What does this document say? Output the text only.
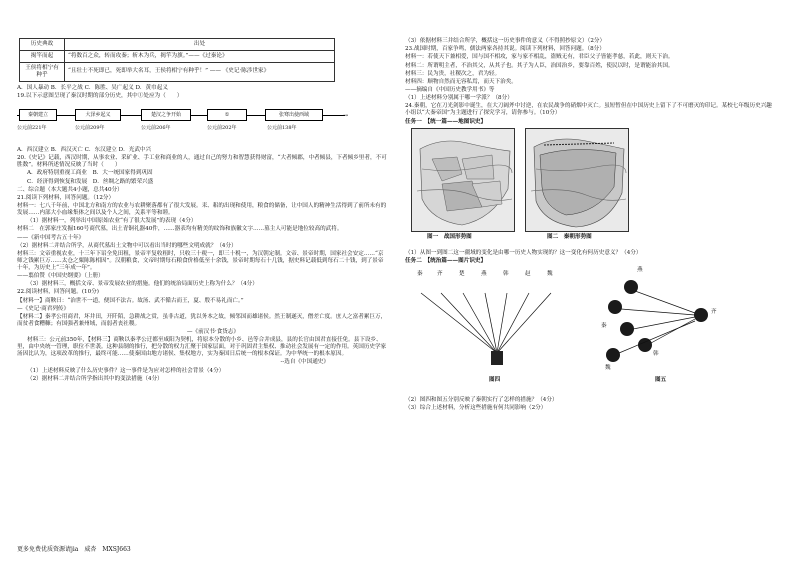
历史典故	出处
揭竿而起	“将数百之众，转而攻秦；斩木为兵，揭竿为旗。”——《过秦论》
王侯将相宁有种乎	“且壮士不死即已，死即举大名耳，王侯将相宁有种乎！” —— 《史记·陈涉世家》

A．国人暴动 B．长平之战 C．陈胜、吴广起义 D．黄巾起义

19.以下示意图呈现了秦汉时期的部分历史，其中①处应为（　　）

→
秦朝建立	大泽乡起义	楚汉之争开始	①	张骞出使西域
公元前221年	公元前209年	公元前206年	公元前202年	公元前138年

A．西汉建立 B．西汉灭亡 C．东汉建立 D．光武中兴

20.《史记》记载，西汉时期，从事农业、采矿业、手工业和商业的人，通过自己的努力和智慧获得财富，“大者倾郡，中者倾县，下者倾乡里者，不可胜数”。材料所述情况反映了当时（　　）

A．政府特别重视工商业　B．大一统国家得到巩固

C．经济得到恢复和发展　D．丝绸之路的繁荣兴盛

二、综合题（本大题共4小题，总共40分）

21.阅读下列材料，回答问题。（12分）

材料一：七八千年前，中国北方和南方的农业与农耕聚落都有了很大发展。耒、耜的出现和使用，粮食的储备，让中国人的精神生活得到了前所未有的发展……内部大小血缘集体之间以及个人之间，关系平等和睦。

（1）据材料一，列举出中国原始农业“有了很大发展”的表现（4分）

材料二　在郭家庄发掘160号商代墓，出土青铜礼器40件，……器表均有精美的纹饰和族徽文字……墓主人可能是地位较高的武将。

——《新中国考古五十年》

（2）据材料二并结合所学，从商代墓出土文物中可以看出当时的哪些文明成就？（4分）

材料三：文帝重视农业，十三年下诏全免田租，景帝平复收租时，只收三十税一，即三十税一，为汉朝定制。文帝、景帝时期，国家社会安定……“京师之钱累巨万……太仓之粟陈陈相因”。汉朝粮食，文帝时期每石粮食价格低至十余钱，景帝时期每石十几钱，据史料记载低到每石二十钱，到了景帝十年，为历史上“三年成一年”。

——翦伯赞《中国史纲要》（上册）

（3）据材料三，概括文帝、景帝发展农业的措施。他们的统治局面历史上称为什么？（4分）

22.阅读材料，回答问题。(10分)

【材料一】商鞅曰：“治世不一道，便国不法古。故汤、武不循古而王，夏、殷不易礼而亡。”

—《史记·商君列传》

【材料二】秦孝公用商君，坏井田，开阡陌，急耕战之赏，虽非古道，犹以务本之故，倾邻国而雄诸侯。然王制遂灭，僭差亡度。庶人之富者累巨万，而贫者食糟糠；有国强者兼州域，而弱者丧社稷。

—《前汉书·食货志》

材料三：公元前350年，【材料三】商鞅以秦孝公迁都至咸阳为契机，将原本分散的小乡、邑等合并成县，县的长官由国君直接任免。县下设乡、里，由中央统一管理，职位不世袭。这种县制的推行，把分散的权力汇聚于国家层面，对于巩固君主集权、推动社会发展有一定的作用。英国历史学家汤因比认为，这项改革的推行，最终可能……使秦国由地方诸侯、集权地方，实为秦国日后统一的根本保证。为中华统一的根本原因。

--选自《中国通史》

（1）上述材料反映了什么历史事件？这一事件是为应对怎样的社会背景（4分）

（2）据材料二并结合所学指出其中的变法措施（4分）

（3）依据材料三并结合所学，概括这一历史事件的意义（不得照抄原文）（2分）

23.战国时期，百家争鸣，儒法两家各持其说。阅读下列材料，回答问题。（8分）

材料一：若使天下兼相爱，国与国不相攻，家与家不相乱，盗贼无有，君臣父子皆能孝慈，若此，则天下治。

材料二：所谓明主者，不治其父，从其子也。其子为人臣，治国治乡，要靠百姓，使民以时，是谓能治其国。

材料三：民为贵，社稷次之，君为轻。

材料四：顺物自然而无容私焉，而天下治矣。

——摘编自《中国历史教学用书》等

（1）上述材料分别属于哪一学派？（8分）

24.秦朝，它在刀光剑影中诞生，在大刀阔斧中讨逆，在农民战争的硝烟中灭亡。虽短暂但在中国历史上留下了不可磨灭的印记。某校七年级历史兴趣小组以“大秦帝国”为主题进行了探究学习，请你参与。（10分）

任务一　【统一篇——地图识史】

图一　战国形势图	图二　秦朝形势图

（1）从图一到图二这一疆域的变化是由哪一历史人物实现的？这一变化有何历史意义？（4分）

任务二　【统治篇——图片识史】

秦	齐	楚	燕	韩	赵	魏
燕
齐
秦
韩
魏
图四	图五

（2）图四和图五分别反映了秦朝实行了怎样的措施？（4分）

（3）综合上述材料，分析这些措施有何共同影响（2分）

更多免费优质资源请jia　威杏　MXSJ663
